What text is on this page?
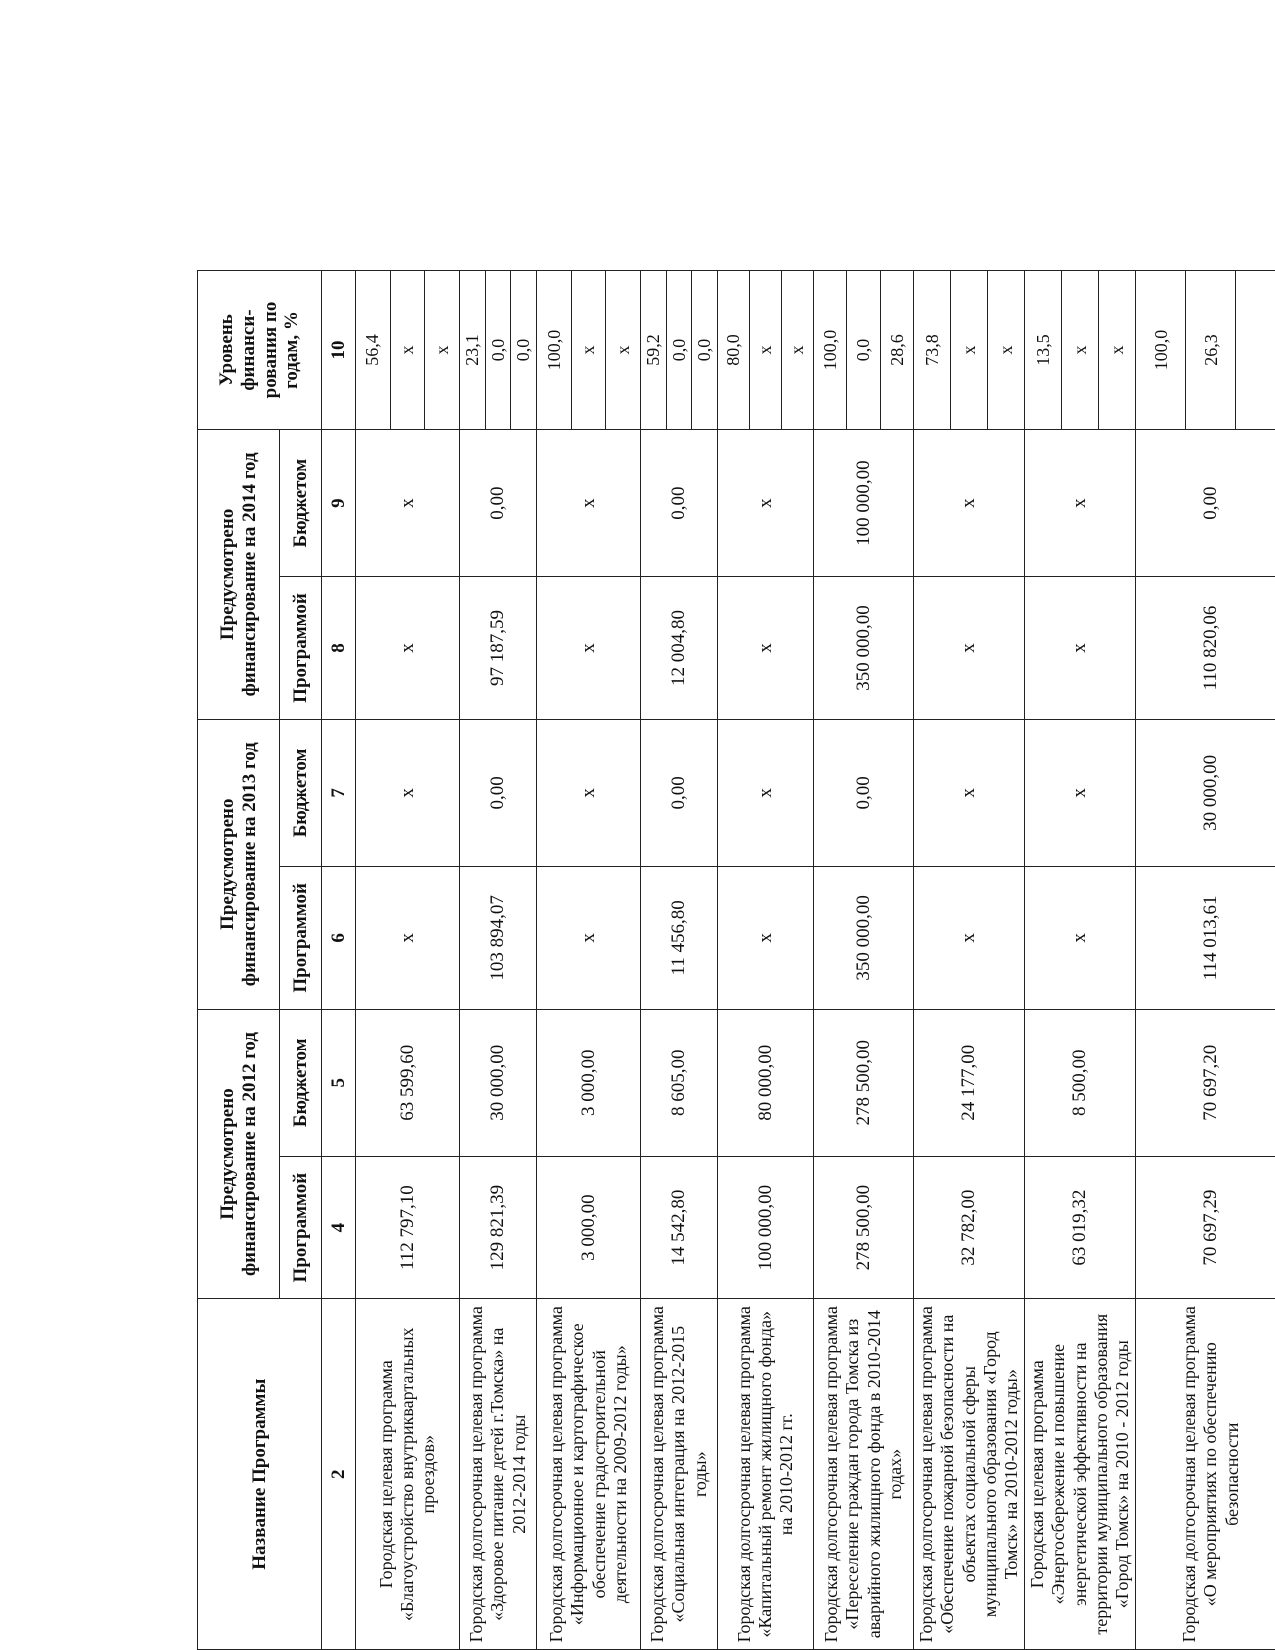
Название Программы	Предусмотрено финансирование на 2012 год		Предусмотрено финансирование на 2013 год		Предусмотрено финансирование на 2014 год		Уровень финанси-рования по годам, %
	Программой	Бюджетом	Программой	Бюджетом	Программой	Бюджетом	
2	4	5	6	7	8	9	10
Городская целевая программа «Благоустройство внутриквартальных проездов»	112 797,10	63 599,60	х	х	х	х	56,4
							х
							х
Городская долгосрочная целевая программа «Здоровое питание детей г.Томска» на 2012-2014 годы	129 821,39	30 000,00	103 894,07	0,00	97 187,59	0,00	23,1
							0,0
							0,0
Городская долгосрочная целевая программа «Информационное и картографическое обеспечение градостроительной деятельности на 2009-2012 годы»	3 000,00	3 000,00	х	х	х	х	100,0
							х
							х
Городская долгосрочная целевая программа «Социальная интеграция на 2012-2015 годы»	14 542,80	8 605,00	11 456,80	0,00	12 004,80	0,00	59,2
							0,0
							0,0
Городская долгосрочная целевая программа «Капитальный ремонт жилищного фонда» на 2010-2012 гг.	100 000,00	80 000,00	х	х	х	х	80,0
							х
							х
Городская долгосрочная целевая программа «Переселение граждан города Томска из аварийного жилищного фонда в 2010-2014 годах»	278 500,00	278 500,00	350 000,00	0,00	350 000,00	100 000,00	100,0
							0,0
							28,6
Городская долгосрочная целевая программа «Обеспечение пожарной безопасности на объектах социальной сферы муниципального образования «Город Томск» на 2010-2012 годы»	32 782,00	24 177,00	х	х	х	х	73,8
							х
							х
Городская целевая программа «Энергосбережение и повышение энергетической эффективности на территории муниципального образования «Город Томск» на 2010 - 2012 годы	63 019,32	8 500,00	х	х	х	х	13,5
							х
							х
Городская долгосрочная целевая программа «О мероприятиях по обеспечению безопасности	70 697,29	70 697,20	114 013,61	30 000,00	110 820,06	0,00	100,0
							26,3
